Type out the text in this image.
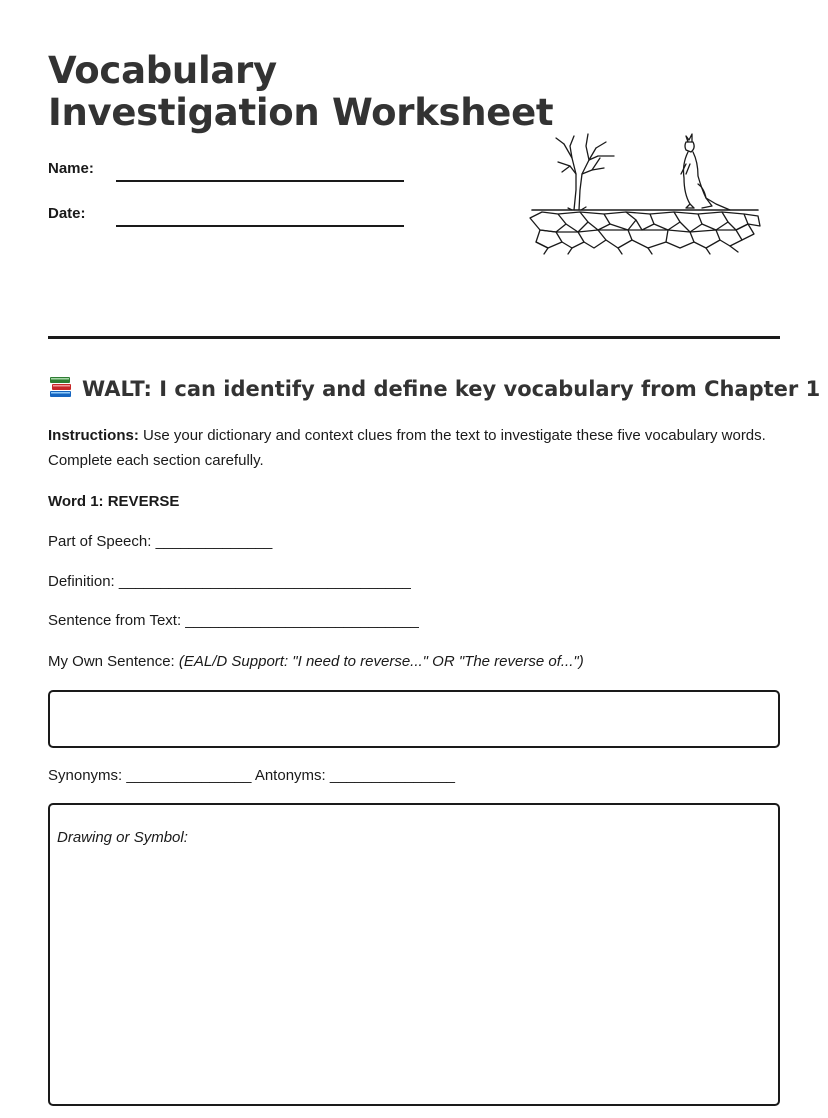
Vocabulary
Investigation Worksheet
Name:
Date:
WALT: I can identify and define key vocabulary from Chapter 1
Instructions: Use your dictionary and context clues from the text to investigate these five vocabulary words. Complete each section carefully.
Word 1: REVERSE
Part of Speech: ______________
Definition: ___________________________________
Sentence from Text: ____________________________
My Own Sentence: (EAL/D Support: "I need to reverse..." OR "The reverse of...")
Synonyms: _______________ Antonyms: _______________
Drawing or Symbol:
